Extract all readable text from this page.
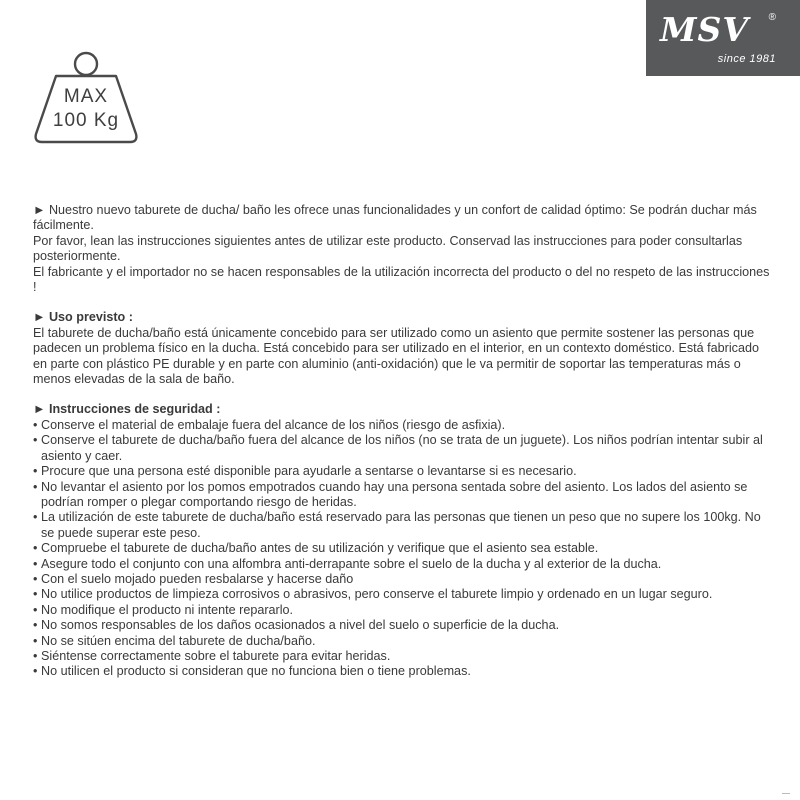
MSV ®
since 1981
MAX
100 Kg

► Nuestro nuevo taburete de ducha/ baño les ofrece unas funcionalidades y un confort de calidad óptimo: Se podrán duchar más fácilmente.

Por favor, lean las instrucciones siguientes antes de utilizar este producto. Conservad las instrucciones para poder consultarlas posteriormente.

El fabricante y el importador no se hacen responsables de la utilización incorrecta del producto o del no respeto de las instrucciones !

► Uso previsto :

El taburete de ducha/baño está únicamente concebido para ser utilizado como un asiento que permite sostener las personas que padecen un problema físico en la ducha. Está concebido para ser utilizado en el interior, en un contexto doméstico. Está fabricado en parte con plástico PE durable y en parte con aluminio (anti-oxidación) que le va permitir de soportar las temperaturas más o menos elevadas de la sala de baño.

► Instrucciones de seguridad :

• Conserve el material de embalaje fuera del alcance de los niños (riesgo de asfixia).
• Conserve el taburete de ducha/baño fuera del alcance de los niños (no se trata de un juguete). Los niños podrían intentar subir al asiento y caer.
• Procure que una persona esté disponible para ayudarle a sentarse o levantarse si es necesario.
• No levantar el asiento por los pomos empotrados cuando hay una persona sentada sobre del asiento. Los lados del asiento se podrían romper o plegar comportando riesgo de heridas.
• La utilización de este taburete de ducha/baño está reservado para las personas que tienen un peso que no supere los 100kg. No se puede superar este peso.
• Compruebe el taburete de ducha/baño antes de su utilización y verifique que el asiento sea estable.
• Asegure todo el conjunto con una alfombra anti-derrapante sobre el suelo de la ducha y al exterior de la ducha.
• Con el suelo mojado pueden resbalarse y hacerse daño
• No utilice productos de limpieza corrosivos o abrasivos, pero conserve el taburete limpio y ordenado en un lugar seguro.
• No modifique el producto ni intente repararlo.
• No somos responsables de los daños ocasionados a nivel del suelo o superficie de la ducha.
• No se sitúen encima del taburete de ducha/baño.
• Siéntense correctamente sobre el taburete para evitar heridas.
• No utilicen el producto si consideran que no funciona bien o tiene problemas.
